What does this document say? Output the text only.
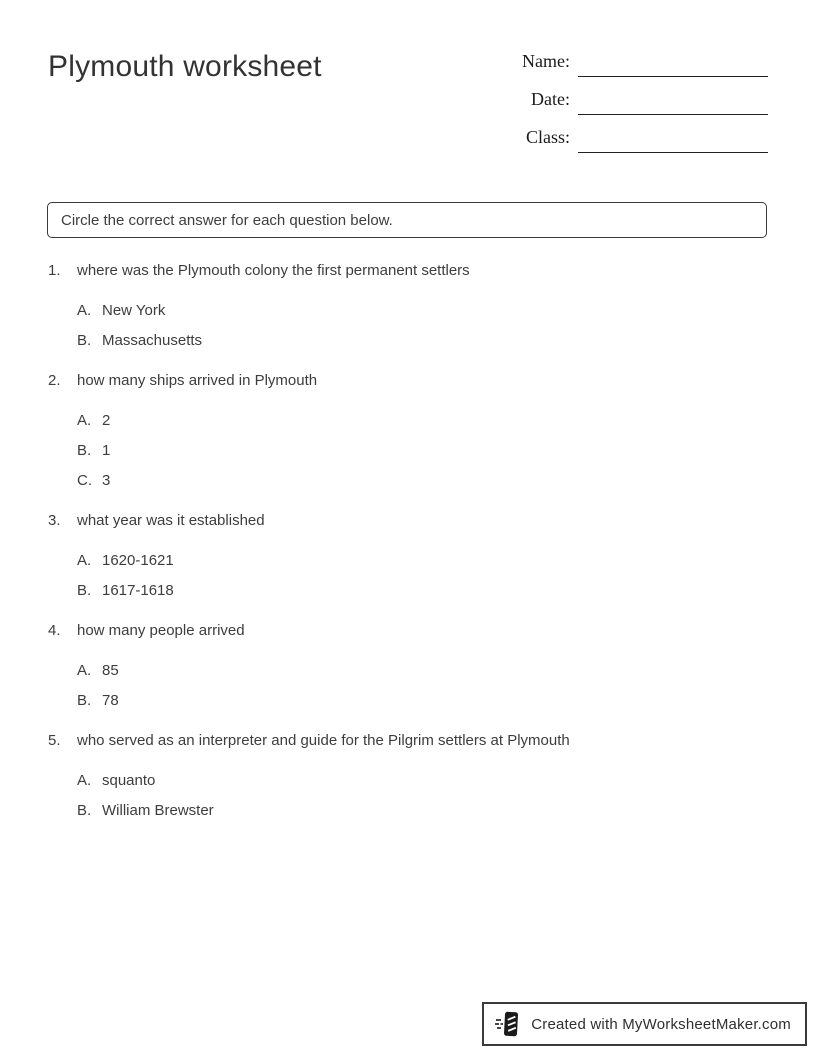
Plymouth worksheet	Name:
Date:
Class:
Circle the correct answer for each question below.
1.	where was the Plymouth colony the first permanent settlers
A. New York
B. Massachusetts
2.	how many ships arrived in Plymouth
A. 2
B. 1
C. 3
3.	what year was it established
A. 1620-1621
B. 1617-1618
4.	how many people arrived
A. 85
B. 78
5.	who served as an interpreter and guide for the Pilgrim settlers at Plymouth
A. squanto
B. William Brewster
Created with MyWorksheetMaker.com
